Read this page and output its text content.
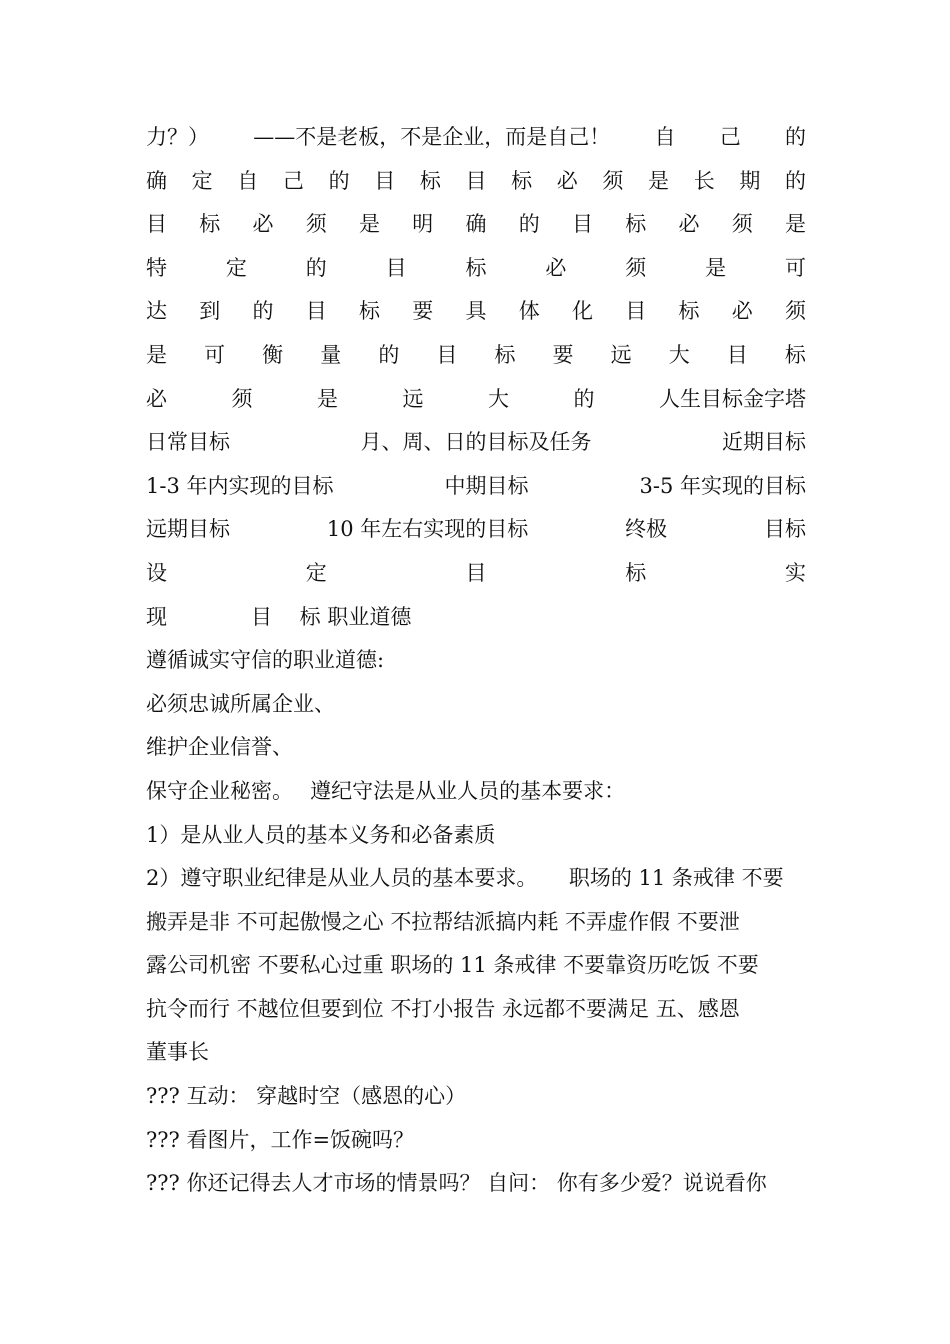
力？） ——不是老板，不是企业，而是自己！ 自 己 的
确 定 自 己 的 目 标 目 标 必 须 是 长 期 的
目 标 必 须 是 明 确 的 目 标 必 须 是
特	定	的	目	标	必	须	是	可
达 到 的 目 标 要 具 体 化 目 标 必 须
是 可 衡 量 的 目 标 要 远 大 目 标
必	须	是	远	大	的	人生目标金字塔
日常目标	月、周、日的目标及任务	近期目标
1-3 年内实现的目标	中期目标	3-5 年实现的目标
远期目标	10 年左右实现的目标	终极	目标
设	定	目	标	实
现　　　　目　 标 职业道德
遵循诚实守信的职业道德:
必须忠诚所属企业、
维护企业信誉、
保守企业秘密。　 遵纪守法是从业人员的基本要求：
1）是从业人员的基本义务和必备素质
2）遵守职业纪律是从业人员的基本要求。　　职场的 11 条戒律 不要
搬弄是非 不可起傲慢之心 不拉帮结派搞内耗 不弄虚作假 不要泄
露公司机密 不要私心过重 职场的 11 条戒律 不要靠资历吃饭 不要
抗令而行 不越位但要到位 不打小报告 永远都不要满足 五、感恩
董事长
??? 互动： 穿越时空（感恩的心）
??? 看图片，工作=饭碗吗？
??? 你还记得去人才市场的情景吗？ 自问： 你有多少爱？说说看你
